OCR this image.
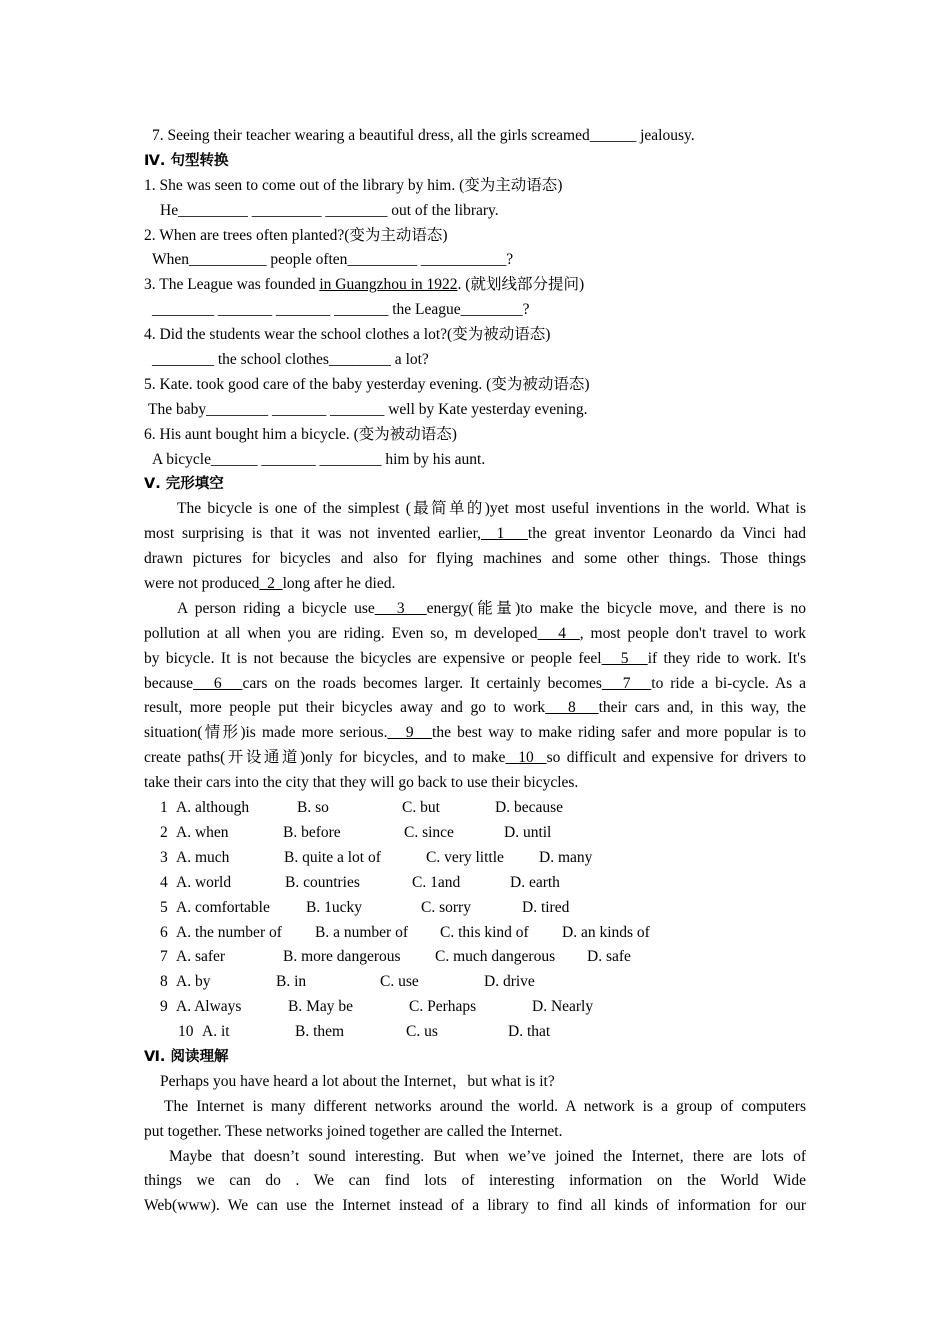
7. Seeing their teacher wearing a beautiful dress, all the girls screamed______ jealousy.
Ⅳ. 句型转换
1. She was seen to come out of the library by him. (变为主动语态)
He_________ _________ ________ out of the library.
2. When are trees often planted?(变为主动语态)
When__________ people often_________ ___________?
3. The League was founded in Guangzhou in 1922. (就划线部分提问)
________ _______ _______ _______ the League________?
4. Did the students wear the school clothes a lot?(变为被动语态)
________ the school clothes________ a lot?
5. Kate. took good care of the baby yesterday evening. (变为被动语态)
The baby________ _______ _______ well by Kate yesterday evening.
6. His aunt bought him a bicycle. (变为被动语态)
A bicycle______ _______ ________ him by his aunt.
Ⅴ. 完形填空
The bicycle is one of the simplest (最简单的)yet most useful inventions in the world. What is
most surprising is that it was not invented earlier,  1   the great inventor Leonardo da Vinci had
drawn pictures for bicycles and also for flying machines and some other things. Those things
were not produced  2  long after he died.
A person riding a bicycle use   3   energy(能量)to make the bicycle move, and there is no
pollution at all when you are riding. Even so, m developed   4  , most people don't travel to work
by bicycle. It is not because the bicycles are expensive or people feel   5   if they ride to work. It's
because   6   cars on the roads becomes larger. It certainly becomes   7   to ride a bi-cycle. As a
result, more people put their bicycles away and go to work   8   their cars and, in this way, the
situation(情形)is made more serious.   9   the best way to make riding safer and more popular is to
create paths(开设通道)only for bicycles, and to make  10  so difficult and expensive for drivers to
take their cars into the city that they will go back to use their bicycles.
1 A. although	B. so	C. but	D. because
2 A. when	B. before	C. since	D. until
3 A. much	B. quite a lot of	C. very little D. many
4 A. world	B. countries	C. 1and	D. earth
5 A. comfortable B. 1ucky	C. sorry	D. tired
6 A. the number of B. a number of C. this kind of D. an kinds of
7 A. safer	B. more dangerous C. much dangerous D. safe
8 A. by	B. in	C. use	D. drive
9 A. Always	B. May be	C. Perhaps	D. Nearly
10 A. it	B. them	C. us	D. that
Ⅵ. 阅读理解
Perhaps you have heard a lot about the Internet，but what is it?
The Internet is many different networks around the world. A network is a group of computers
put together. These networks joined together are called the Internet.
Maybe that doesn’t sound interesting. But when we’ve joined the Internet, there are lots of
things we can do . We can find lots of interesting information on the World Wide
Web(www). We can use the Internet instead of a library to find all kinds of information for our
